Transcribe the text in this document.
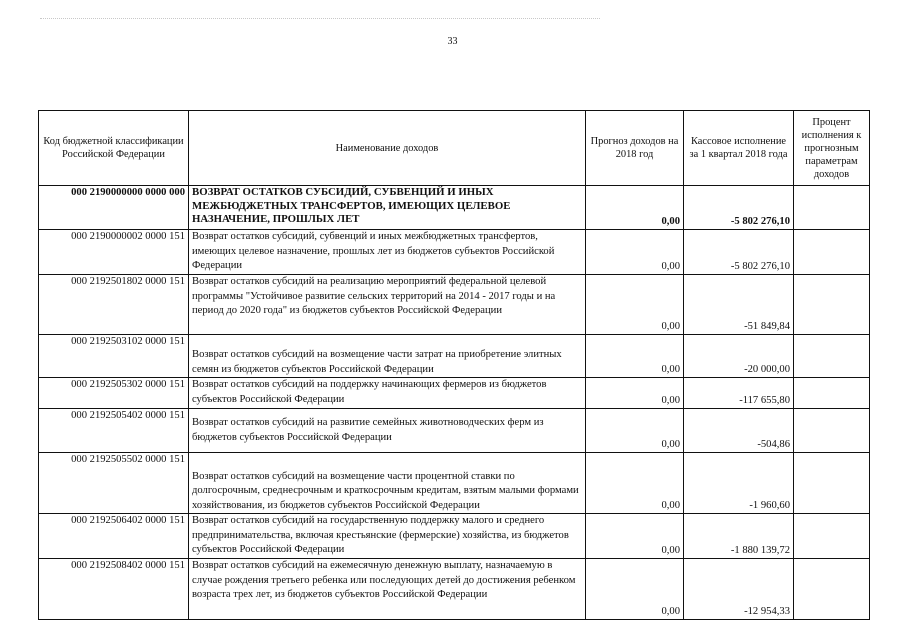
33
Код бюджетной классификации Российской Федерации	Наименование доходов	Прогноз доходов на 2018 год	Кассовое исполнение за 1 квартал 2018 года	Процент исполнения к прогнозным параметрам доходов
000 2190000000 0000 000	ВОЗВРАТ ОСТАТКОВ СУБСИДИЙ, СУБВЕНЦИЙ И ИНЫХ МЕЖБЮДЖЕТНЫХ ТРАНСФЕРТОВ, ИМЕЮЩИХ ЦЕЛЕВОЕ НАЗНАЧЕНИЕ, ПРОШЛЫХ ЛЕТ	0,00	-5 802 276,10	
000 2190000002 0000 151	Возврат остатков субсидий, субвенций и иных межбюджетных трансфертов, имеющих целевое назначение, прошлых лет из бюджетов субъектов Российской Федерации	0,00	-5 802 276,10	
000 2192501802 0000 151	Возврат остатков субсидий на реализацию мероприятий федеральной целевой программы "Устойчивое развитие сельских территорий на 2014 - 2017 годы и на период до 2020 года" из бюджетов субъектов Российской Федерации	0,00	-51 849,84	
000 2192503102 0000 151	Возврат остатков субсидий на возмещение части затрат на приобретение элитных семян из бюджетов субъектов Российской Федерации	0,00	-20 000,00	
000 2192505302 0000 151	Возврат остатков субсидий на поддержку начинающих фермеров из бюджетов субъектов Российской Федерации	0,00	-117 655,80	
000 2192505402 0000 151	Возврат остатков субсидий на развитие семейных животноводческих ферм из бюджетов субъектов Российской Федерации	0,00	-504,86	
000 2192505502 0000 151	Возврат остатков субсидий на возмещение части процентной ставки по долгосрочным, среднесрочным и краткосрочным кредитам, взятым малыми формами хозяйствования, из бюджетов субъектов Российской Федерации	0,00	-1 960,60	
000 2192506402 0000 151	Возврат остатков субсидий на государственную поддержку малого и среднего предпринимательства, включая крестьянские (фермерские) хозяйства, из бюджетов субъектов Российской Федерации	0,00	-1 880 139,72	
000 2192508402 0000 151	Возврат остатков субсидий на ежемесячную денежную выплату, назначаемую в случае рождения третьего ребенка или последующих детей до достижения ребенком возраста трех лет, из бюджетов субъектов Российской Федерации	0,00	-12 954,33	
